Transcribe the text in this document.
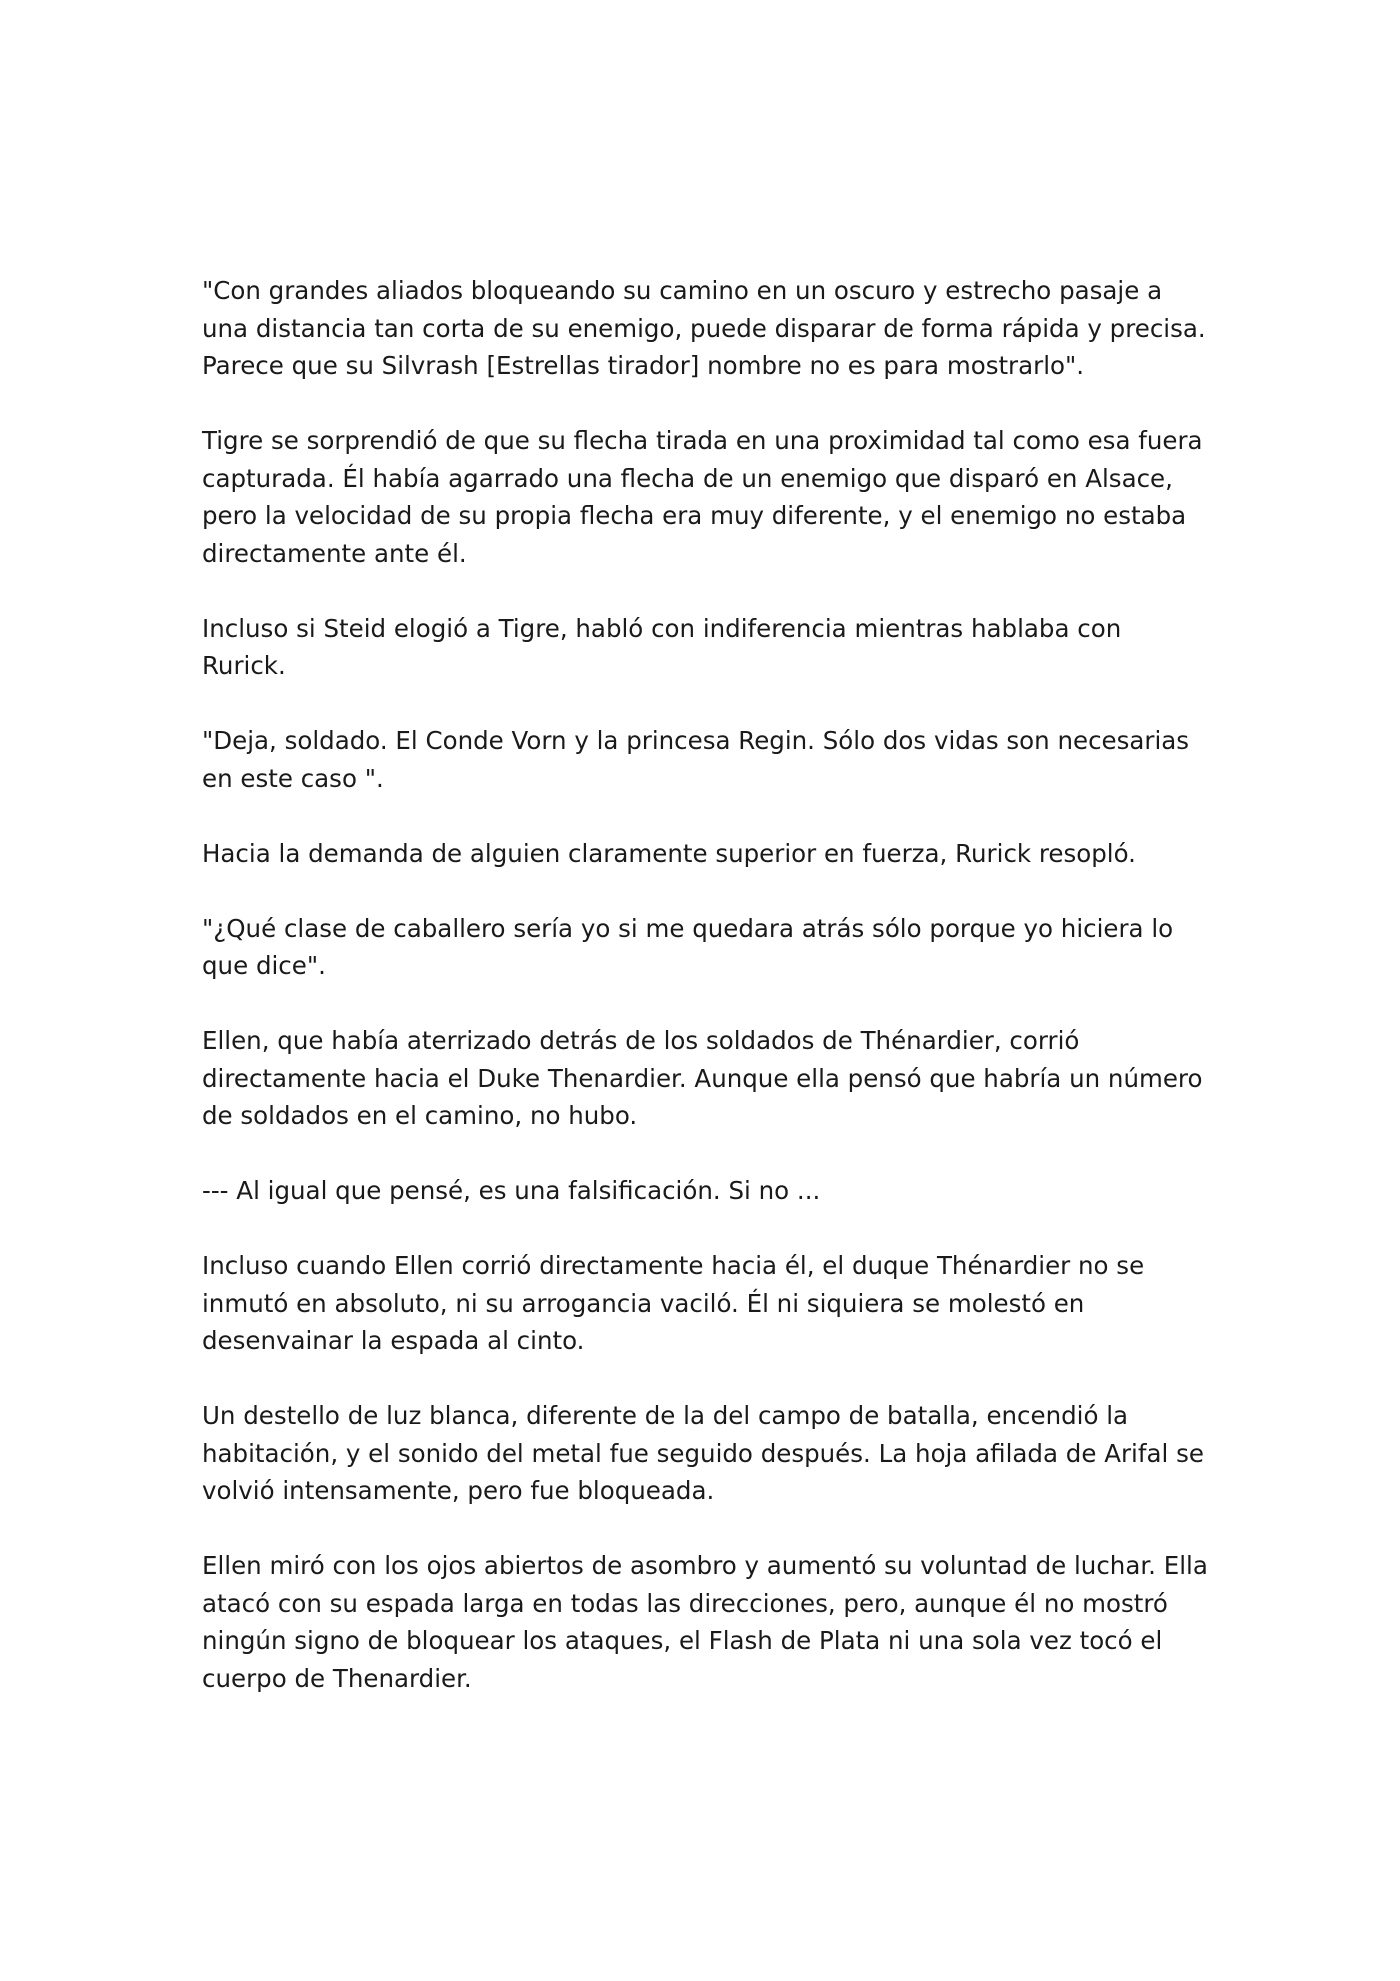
"Con grandes aliados bloqueando su camino en un oscuro y estrecho pasaje a una distancia tan corta de su enemigo, puede disparar de forma rápida y precisa. Parece que su Silvrash [Estrellas tirador] nombre no es para mostrarlo".

Tigre se sorprendió de que su flecha tirada en una proximidad tal como esa fuera capturada. Él había agarrado una flecha de un enemigo que disparó en Alsace, pero la velocidad de su propia flecha era muy diferente, y el enemigo no estaba directamente ante él.

Incluso si Steid elogió a Tigre, habló con indiferencia mientras hablaba con Rurick.

"Deja, soldado. El Conde Vorn y la princesa Regin. Sólo dos vidas son necesarias en este caso ".

Hacia la demanda de alguien claramente superior en fuerza, Rurick resopló.

"¿Qué clase de caballero sería yo si me quedara atrás sólo porque yo hiciera lo que dice".

Ellen, que había aterrizado detrás de los soldados de Thénardier, corrió directamente hacia el Duke Thenardier. Aunque ella pensó que habría un número de soldados en el camino, no hubo.

--- Al igual que pensé, es una falsificación. Si no ...

Incluso cuando Ellen corrió directamente hacia él, el duque Thénardier no se inmutó en absoluto, ni su arrogancia vaciló. Él ni siquiera se molestó en desenvainar la espada al cinto.

Un destello de luz blanca, diferente de la del campo de batalla, encendió la habitación, y el sonido del metal fue seguido después. La hoja afilada de Arifal se volvió intensamente, pero fue bloqueada.

Ellen miró con los ojos abiertos de asombro y aumentó su voluntad de luchar. Ella atacó con su espada larga en todas las direcciones, pero, aunque él no mostró ningún signo de bloquear los ataques, el Flash de Plata ni una sola vez tocó el cuerpo de Thenardier.
